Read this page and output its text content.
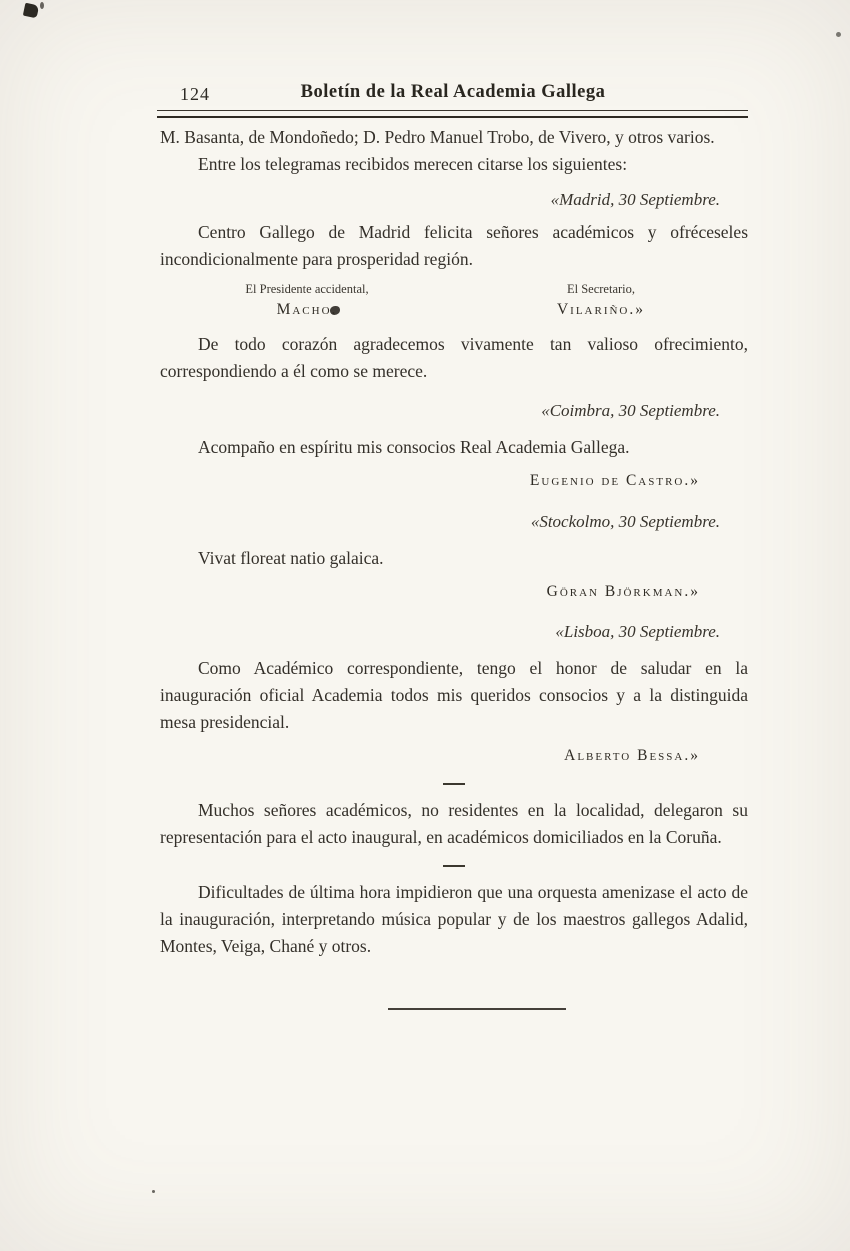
124	Boletín de la Real Academia Gallega

M. Basanta, de Mondoñedo; D. Pedro Manuel Trobo, de Vivero, y otros varios.

Entre los telegramas recibidos merecen citarse los siguientes:

«Madrid, 30 Septiembre.

Centro Gallego de Madrid felicita señores académicos y ofréceseles incondicionalmente para prosperidad región.

El Presidente accidental,
Macho.
El Secretario,
Vilariño.»

De todo corazón agradecemos vivamente tan valioso ofrecimiento, correspondiendo a él como se merece.

«Coimbra, 30 Septiembre.

Acompaño en espíritu mis consocios Real Academia Gallega.

Eugenio de Castro.»

«Stockolmo, 30 Septiembre.

Vivat floreat natio galaica.

Göran Björkman.»

«Lisboa, 30 Septiembre.

Como Académico correspondiente, tengo el honor de saludar en la inauguración oficial Academia todos mis queridos consocios y a la distinguida mesa presidencial.

Alberto Bessa.»

Muchos señores académicos, no residentes en la localidad, delegaron su representación para el acto inaugural, en académicos domiciliados en la Coruña.

Dificultades de última hora impidieron que una orquesta amenizase el acto de la inauguración, interpretando música popular y de los maestros gallegos Adalid, Montes, Veiga, Chané y otros.
